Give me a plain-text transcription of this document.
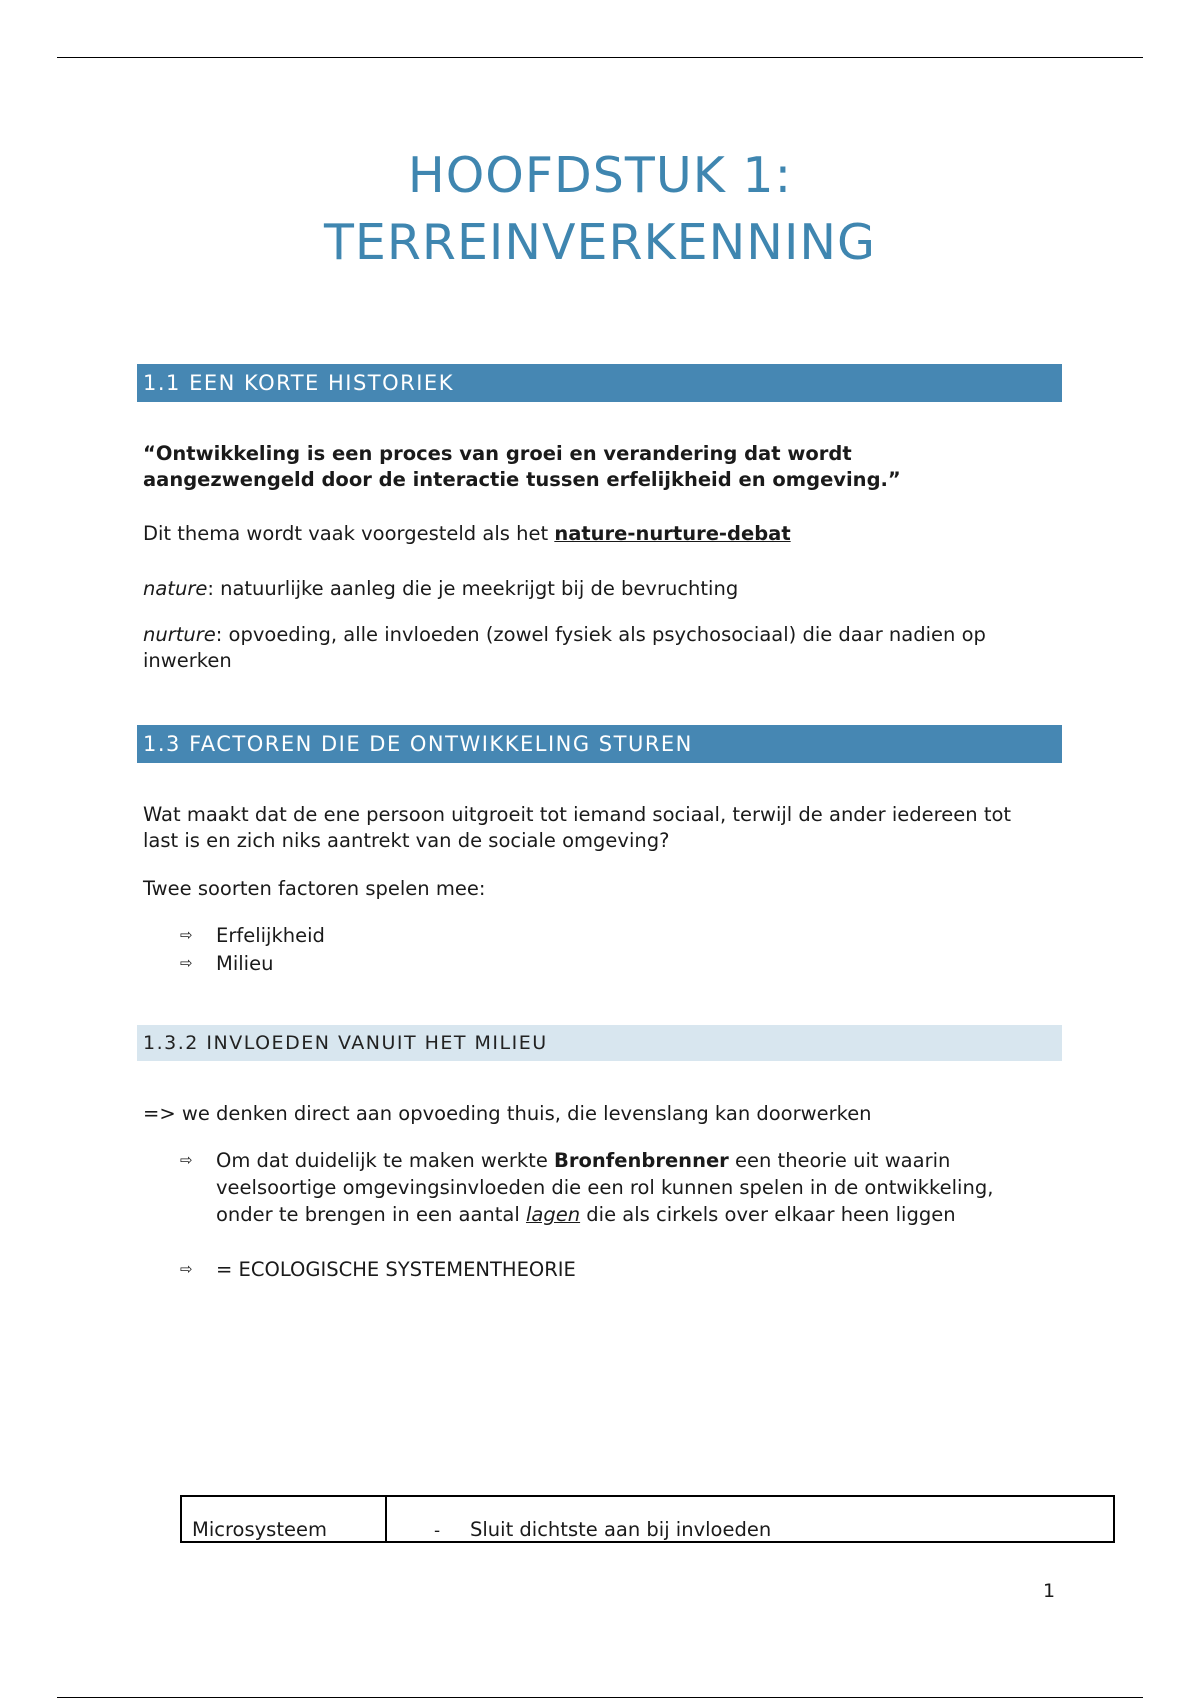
HOOFDSTUK 1:
TERREINVERKENNING
1.1 EEN KORTE HISTORIEK
“Ontwikkeling is een proces van groei en verandering dat wordt
aangezwengeld door de interactie tussen erfelijkheid en omgeving.”
Dit thema wordt vaak voorgesteld als het nature-nurture-debat
nature: natuurlijke aanleg die je meekrijgt bij de bevruchting
nurture: opvoeding, alle invloeden (zowel fysiek als psychosociaal) die daar nadien op
inwerken
1.3 FACTOREN DIE DE ONTWIKKELING STUREN
Wat maakt dat de ene persoon uitgroeit tot iemand sociaal, terwijl de ander iedereen tot
last is en zich niks aantrekt van de sociale omgeving?
Twee soorten factoren spelen mee:
⇨ Erfelijkheid
⇨ Milieu
1.3.2 INVLOEDEN VANUIT HET MILIEU
=> we denken direct aan opvoeding thuis, die levenslang kan doorwerken
⇨ Om dat duidelijk te maken werkte Bronfenbrenner een theorie uit waarin
veelsoortige omgevingsinvloeden die een rol kunnen spelen in de ontwikkeling,
onder te brengen in een aantal lagen die als cirkels over elkaar heen liggen
⇨ = ECOLOGISCHE SYSTEMENTHEORIE
Microsysteem	- Sluit dichtste aan bij invloeden
1
